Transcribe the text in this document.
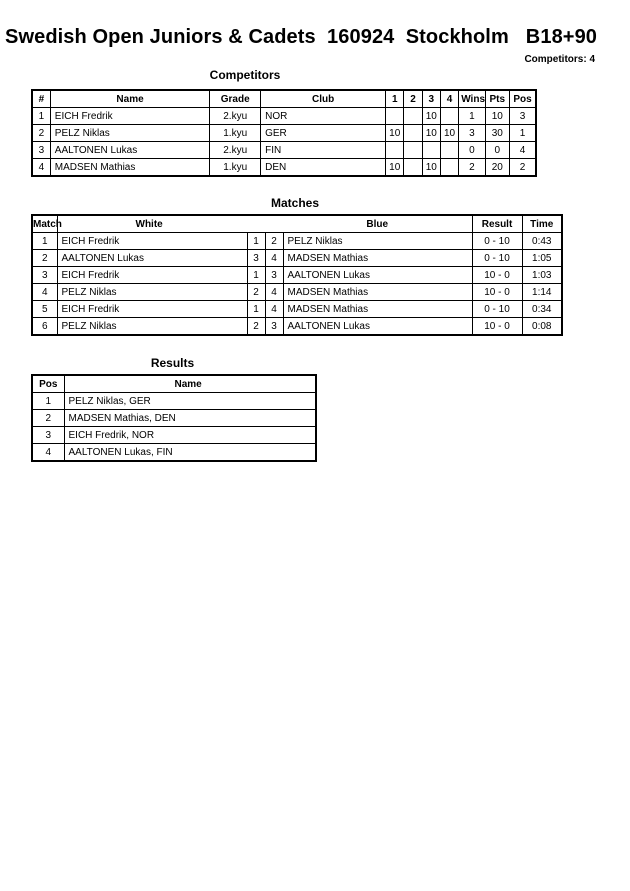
Swedish Open Juniors & Cadets  160924  Stockholm   B18+90
Competitors: 4
Competitors
#	Name	Grade	Club	1	2	3	4	Wins	Pts	Pos
1	EICH Fredrik	2.kyu	NOR			10		1	10	3
2	PELZ Niklas	1.kyu	GER	10		10	10	3	30	1
3	AALTONEN Lukas	2.kyu	FIN					0	0	4
4	MADSEN Mathias	1.kyu	DEN	10		10		2	20	2
Matches
Match	White			Blue	Result	Time
1	EICH Fredrik	1	2	PELZ Niklas	0 - 10	0:43
2	AALTONEN Lukas	3	4	MADSEN Mathias	0 - 10	1:05
3	EICH Fredrik	1	3	AALTONEN Lukas	10 - 0	1:03
4	PELZ Niklas	2	4	MADSEN Mathias	10 - 0	1:14
5	EICH Fredrik	1	4	MADSEN Mathias	0 - 10	0:34
6	PELZ Niklas	2	3	AALTONEN Lukas	10 - 0	0:08
Results
Pos	Name
1	PELZ Niklas, GER
2	MADSEN Mathias, DEN
3	EICH Fredrik, NOR
4	AALTONEN Lukas, FIN
